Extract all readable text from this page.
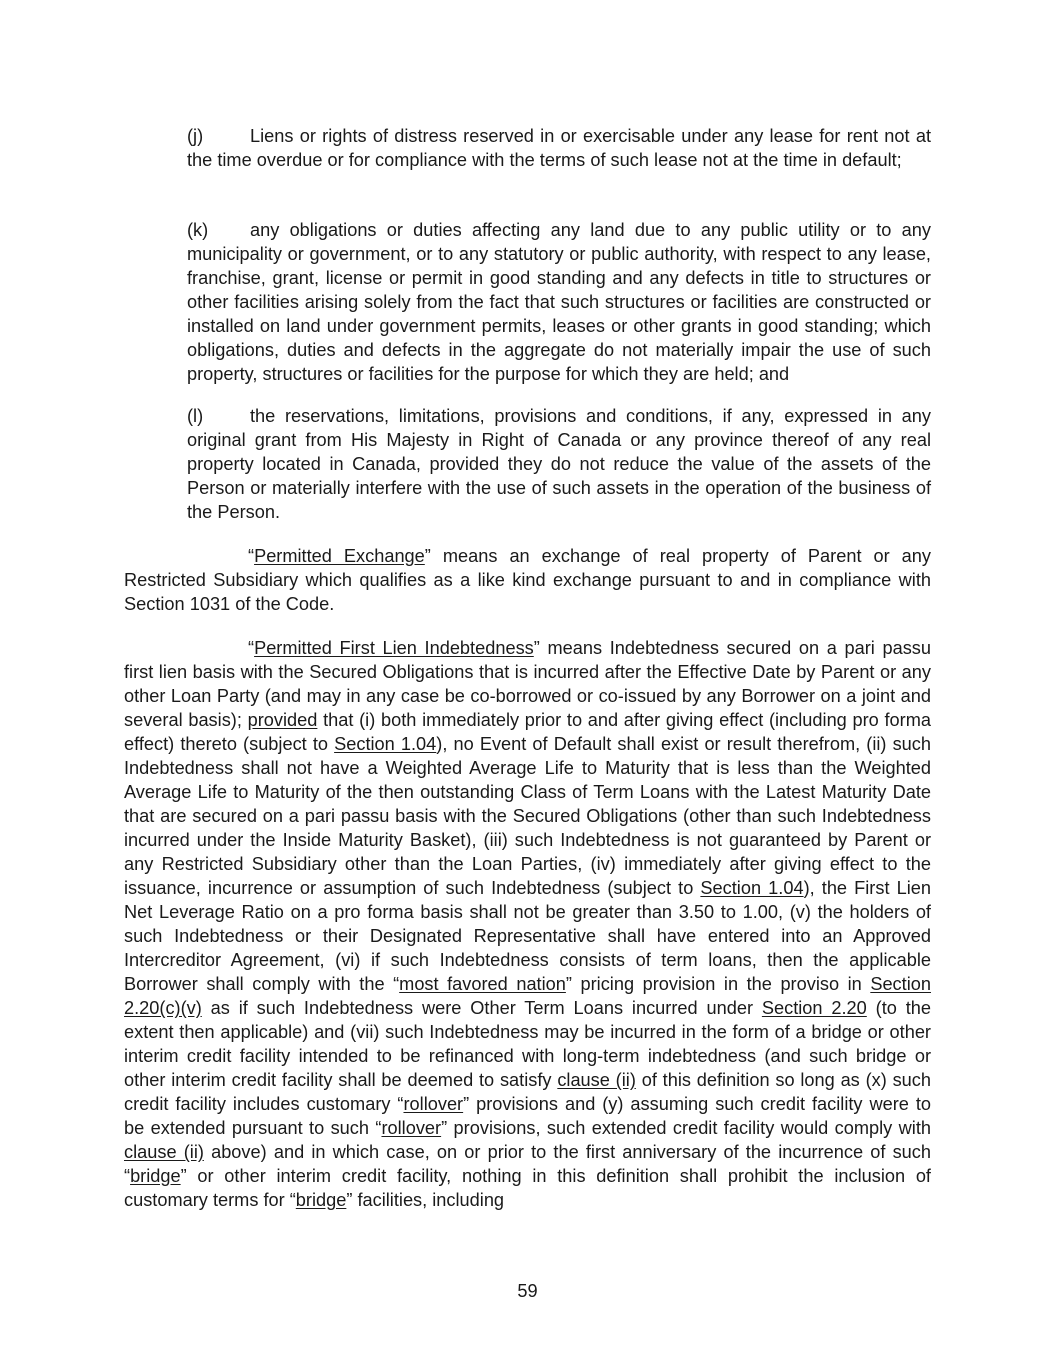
(j)	Liens or rights of distress reserved in or exercisable under any lease for rent not at the time overdue or for compliance with the terms of such lease not at the time in default;

(k) any obligations or duties affecting any land due to any public utility or to any municipality or government, or to any statutory or public authority, with respect to any lease, franchise, grant, license or permit in good standing and any defects in title to structures or other facilities arising solely from the fact that such structures or facilities are constructed or installed on land under government permits, leases or other grants in good standing; which obligations, duties and defects in the aggregate do not materially impair the use of such property, structures or facilities for the purpose for which they are held; and

(l)	the reservations, limitations, provisions and conditions, if any, expressed in any original grant from His Majesty in Right of Canada or any province thereof of any real property located in Canada, provided they do not reduce the value of the assets of the Person or materially interfere with the use of such assets in the operation of the business of the Person.

“Permitted Exchange” means an exchange of real property of Parent or any Restricted Subsidiary which qualifies as a like kind exchange pursuant to and in compliance with Section 1031 of the Code.

“Permitted First Lien Indebtedness” means Indebtedness secured on a pari passu first lien basis with the Secured Obligations that is incurred after the Effective Date by Parent or any other Loan Party (and may in any case be co-borrowed or co-issued by any Borrower on a joint and several basis); provided that (i) both immediately prior to and after giving effect (including pro forma effect) thereto (subject to Section 1.04), no Event of Default shall exist or result therefrom, (ii) such Indebtedness shall not have a Weighted Average Life to Maturity that is less than the Weighted Average Life to Maturity of the then outstanding Class of Term Loans with the Latest Maturity Date that are secured on a pari passu basis with the Secured Obligations (other than such Indebtedness incurred under the Inside Maturity Basket), (iii) such Indebtedness is not guaranteed by Parent or any Restricted Subsidiary other than the Loan Parties, (iv) immediately after giving effect to the issuance, incurrence or assumption of such Indebtedness (subject to Section 1.04), the First Lien Net Leverage Ratio on a pro forma basis shall not be greater than 3.50 to 1.00, (v) the holders of such Indebtedness or their Designated Representative shall have entered into an Approved Intercreditor Agreement, (vi) if such Indebtedness consists of term loans, then the applicable Borrower shall comply with the “most favored nation” pricing provision in the proviso in Section 2.20(c)(v) as if such Indebtedness were Other Term Loans incurred under Section 2.20 (to the extent then applicable) and (vii) such Indebtedness may be incurred in the form of a bridge or other interim credit facility intended to be refinanced with long-term indebtedness (and such bridge or other interim credit facility shall be deemed to satisfy clause (ii) of this definition so long as (x) such credit facility includes customary “rollover” provisions and (y) assuming such credit facility were to be extended pursuant to such “rollover” provisions, such extended credit facility would comply with clause (ii) above) and in which case, on or prior to the first anniversary of the incurrence of such “bridge” or other interim credit facility, nothing in this definition shall prohibit the inclusion of customary terms for “bridge” facilities, including

59
